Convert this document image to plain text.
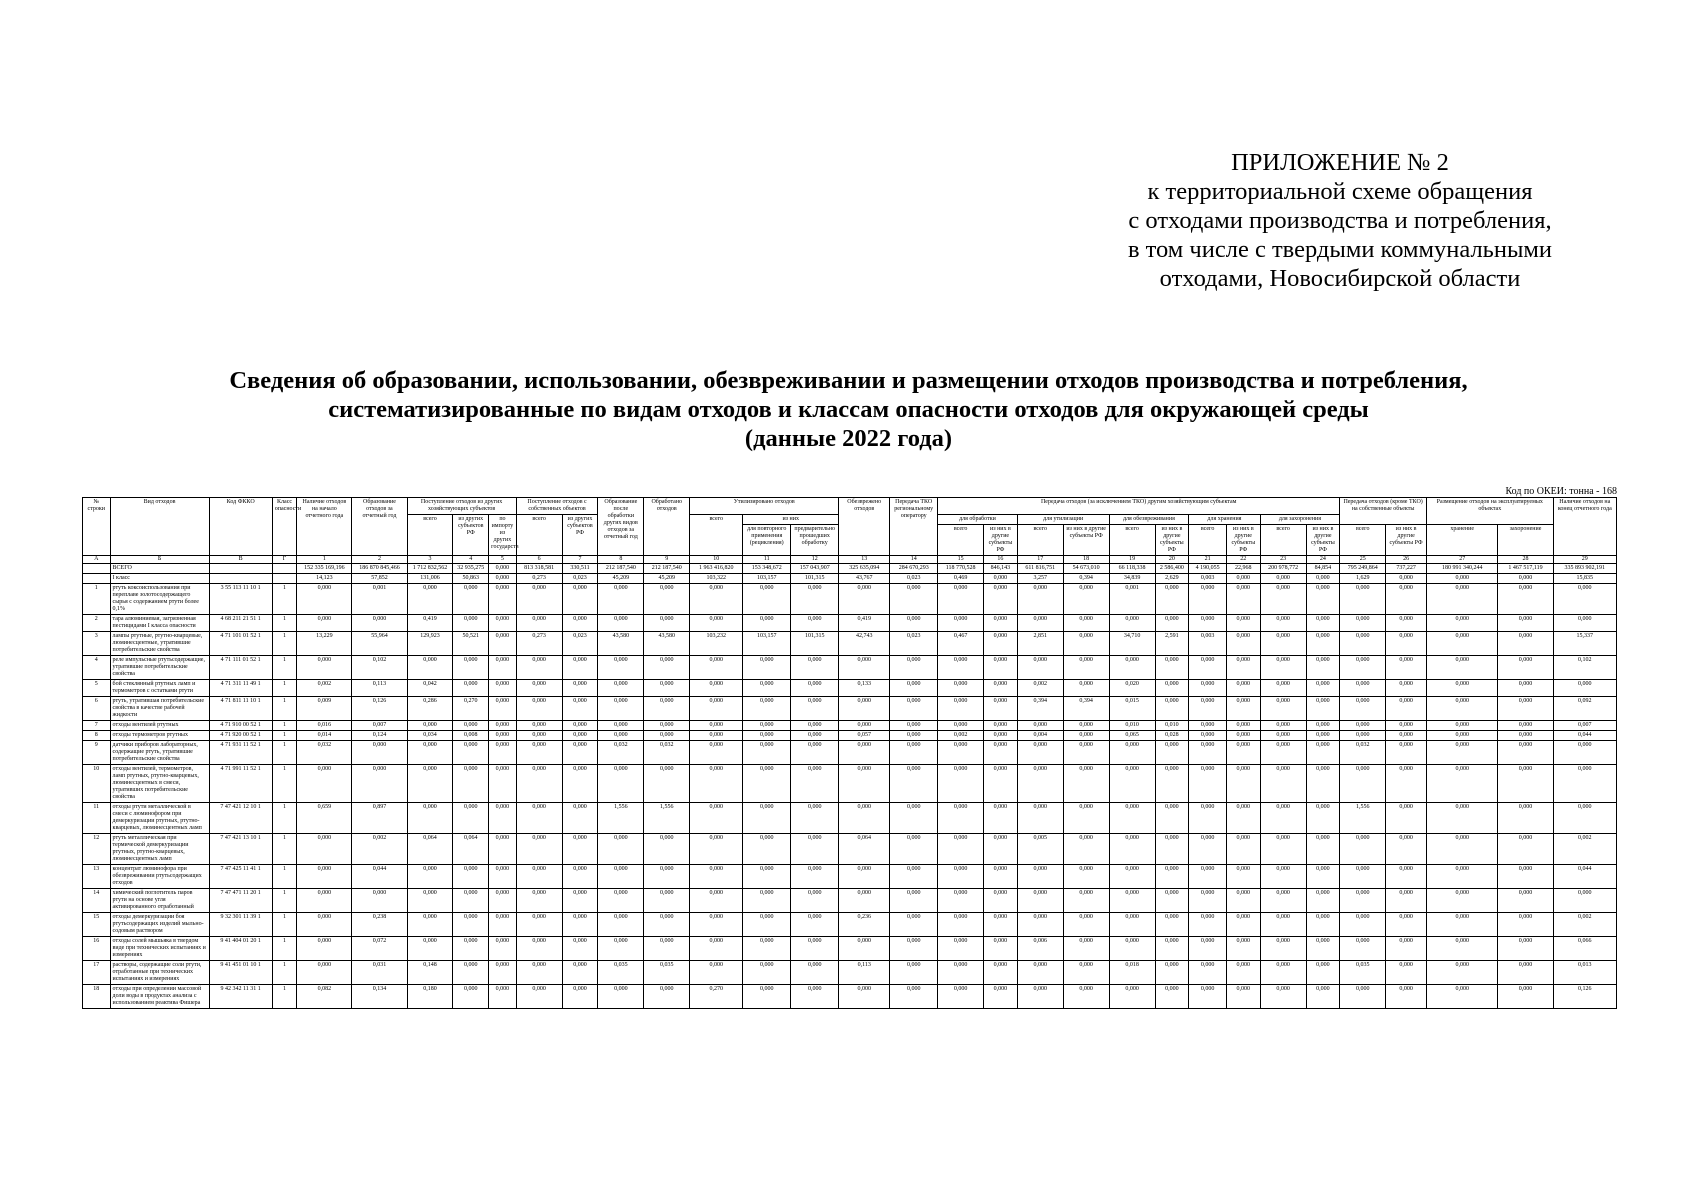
ПРИЛОЖЕНИЕ № 2
к территориальной схеме обращения
с отходами производства и потребления,
в том числе с твердыми коммунальными
отходами, Новосибирской области
Сведения об образовании, использовании, обезвреживании и размещении отходов производства и потребления,
систематизированные по видам отходов и классам опасности отходов для окружающей среды
(данные 2022 года)
Код по ОКЕИ: тонна - 168
№ строки	Вид отходов	Код ФККО	Класс опасности	Наличие отходов на начало отчетного года	Образование отходов за отчетный год	Поступление отходов из других хозяйствующих субъектов			Поступление отходов с собственных объектов		Образование после обработки других видов отходов за отчетный год	Обработано отходов	Утилизировано отходов			Обезврежено отходов	Передача ТКО региональному оператору	Передача отходов (за исключением ТКО) другим хозяйствующим субъектам										Передача отходов (кроме ТКО) на собственные объекты		Размещение отходов на эксплуатируемых объектах		Наличие отходов на конец отчетного года
						всего	из других субъектов РФ	по импорту из других государств	всего	из других субъектов РФ			всего	из них				для обработки		для утилизации		для обезвреживания		для хранения		для захоронения						
														для повторного применения (рецикления)	предварительно прошедших обработку			всего	из них в другие субъекты РФ	всего	из них в другие субъекты РФ	всего	из них в другие субъекты РФ	всего	из них в другие субъекты РФ	всего	из них в другие субъекты РФ	всего	из них в другие субъекты РФ	хранение	захоронение	
А	Б	В	Г	1	2	3	4	5	6	7	8	9	10	11	12	13	14	15	16	17	18	19	20	21	22	23	24	25	26	27	28	29
	ВСЕГО			152 335 169,196	186 870 845,466	1 712 832,562	32 935,275	0,000	813 318,581	330,511	212 187,540	212 187,540	1 963 416,820	153 348,672	157 043,907	325 635,094	284 670,293	118 770,528	846,143	611 816,751	54 673,010	66 118,338	2 586,400	4 190,055	22,968	200 978,772	84,854	795 249,864	737,227	180 991 340,244	1 467 517,119	335 893 902,191
	I класс			14,123	57,852	131,006	50,863	0,000	0,273	0,023	45,209	45,209	103,322	103,157	101,315	43,767	0,023	0,469	0,000	3,257	0,394	34,839	2,629	0,003	0,000	0,000	0,000	1,629	0,000	0,000	0,000	15,835
1	ртуть коксоиспользования при переплаве золотосодержащего сырья с содержанием ртути более 0,1%	3 55 113 11 10 1	1	0,000	0,001	0,000	0,000	0,000	0,000	0,000	0,000	0,000	0,000	0,000	0,000	0,000	0,000	0,000	0,000	0,000	0,000	0,001	0,000	0,000	0,000	0,000	0,000	0,000	0,000	0,000	0,000	0,000
2	тара алюминиевая, загрязненная пестицидами I класса опасности	4 68 211 21 51 1	1	0,000	0,000	0,419	0,000	0,000	0,000	0,000	0,000	0,000	0,000	0,000	0,000	0,419	0,000	0,000	0,000	0,000	0,000	0,000	0,000	0,000	0,000	0,000	0,000	0,000	0,000	0,000	0,000	0,000
3	лампы ртутные, ртутно-кварцевые, люминесцентные, утратившие потребительские свойства	4 71 101 01 52 1	1	13,229	55,964	129,923	50,521	0,000	0,273	0,023	43,580	43,580	103,232	103,157	101,315	42,743	0,023	0,467	0,000	2,851	0,000	34,710	2,591	0,003	0,000	0,000	0,000	0,000	0,000	0,000	0,000	15,337
4	реле импульсные ртутьсодержащие, утратившие потребительские свойства	4 71 111 01 52 1	1	0,000	0,102	0,000	0,000	0,000	0,000	0,000	0,000	0,000	0,000	0,000	0,000	0,000	0,000	0,000	0,000	0,000	0,000	0,000	0,000	0,000	0,000	0,000	0,000	0,000	0,000	0,000	0,000	0,102
5	бой стеклянный ртутных ламп и термометров с остатками ртути	4 71 311 11 49 1	1	0,002	0,113	0,042	0,000	0,000	0,000	0,000	0,000	0,000	0,000	0,000	0,000	0,133	0,000	0,000	0,000	0,002	0,000	0,020	0,000	0,000	0,000	0,000	0,000	0,000	0,000	0,000	0,000	0,000
6	ртуть, утратившая потребительские свойства в качестве рабочей жидкости	4 71 811 11 10 1	1	0,009	0,126	0,286	0,270	0,000	0,000	0,000	0,000	0,000	0,000	0,000	0,000	0,000	0,000	0,000	0,000	0,394	0,394	0,015	0,000	0,000	0,000	0,000	0,000	0,000	0,000	0,000	0,000	0,092
7	отходы вентилей ртутных	4 71 910 00 52 1	1	0,016	0,007	0,000	0,000	0,000	0,000	0,000	0,000	0,000	0,000	0,000	0,000	0,000	0,000	0,000	0,000	0,000	0,000	0,010	0,010	0,000	0,000	0,000	0,000	0,000	0,000	0,000	0,000	0,007
8	отходы термометров ртутных	4 71 920 00 52 1	1	0,014	0,124	0,034	0,008	0,000	0,000	0,000	0,000	0,000	0,000	0,000	0,000	0,057	0,000	0,002	0,000	0,004	0,000	0,065	0,028	0,000	0,000	0,000	0,000	0,000	0,000	0,000	0,000	0,044
9	датчики приборов лабораторных, содержащие ртуть, утратившие потребительские свойства	4 71 931 11 52 1	1	0,032	0,000	0,000	0,000	0,000	0,000	0,000	0,032	0,032	0,000	0,000	0,000	0,000	0,000	0,000	0,000	0,000	0,000	0,000	0,000	0,000	0,000	0,000	0,000	0,032	0,000	0,000	0,000	0,000
10	отходы вентилей, термометров, ламп ртутных, ртутно-кварцевых, люминесцентных в смеси, утративших потребительские свойства	4 71 991 11 52 1	1	0,000	0,000	0,000	0,000	0,000	0,000	0,000	0,000	0,000	0,000	0,000	0,000	0,000	0,000	0,000	0,000	0,000	0,000	0,000	0,000	0,000	0,000	0,000	0,000	0,000	0,000	0,000	0,000	0,000
11	отходы ртути металлической в смеси с люминофором при демеркуризации ртутных, ртутно-кварцевых, люминесцентных ламп	7 47 421 12 10 1	1	0,659	0,897	0,000	0,000	0,000	0,000	0,000	1,556	1,556	0,000	0,000	0,000	0,000	0,000	0,000	0,000	0,000	0,000	0,000	0,000	0,000	0,000	0,000	0,000	1,556	0,000	0,000	0,000	0,000
12	ртуть металлическая при термической демеркуризации ртутных, ртутно-кварцевых, люминесцентных ламп	7 47 421 13 10 1	1	0,000	0,002	0,064	0,064	0,000	0,000	0,000	0,000	0,000	0,000	0,000	0,000	0,064	0,000	0,000	0,000	0,005	0,000	0,000	0,000	0,000	0,000	0,000	0,000	0,000	0,000	0,000	0,000	0,002
13	концентрат люминофора при обезвреживании ртутьсодержащих отходов	7 47 425 11 41 1	1	0,000	0,044	0,000	0,000	0,000	0,000	0,000	0,000	0,000	0,000	0,000	0,000	0,000	0,000	0,000	0,000	0,000	0,000	0,000	0,000	0,000	0,000	0,000	0,000	0,000	0,000	0,000	0,000	0,044
14	химический поглотитель паров ртути на основе угля активированного отработанный	7 47 471 11 20 1	1	0,000	0,000	0,000	0,000	0,000	0,000	0,000	0,000	0,000	0,000	0,000	0,000	0,000	0,000	0,000	0,000	0,000	0,000	0,000	0,000	0,000	0,000	0,000	0,000	0,000	0,000	0,000	0,000	0,000
15	отходы демеркуризации боя ртутьсодержащих изделий мыльно-содовым раствором	9 32 301 11 39 1	1	0,000	0,238	0,000	0,000	0,000	0,000	0,000	0,000	0,000	0,000	0,000	0,000	0,236	0,000	0,000	0,000	0,000	0,000	0,000	0,000	0,000	0,000	0,000	0,000	0,000	0,000	0,000	0,000	0,002
16	отходы солей мышьяка в твердом виде при технических испытаниях и измерениях	9 41 404 01 20 1	1	0,000	0,072	0,000	0,000	0,000	0,000	0,000	0,000	0,000	0,000	0,000	0,000	0,000	0,000	0,000	0,000	0,006	0,000	0,000	0,000	0,000	0,000	0,000	0,000	0,000	0,000	0,000	0,000	0,066
17	растворы, содержащие соли ртути, отработанные при технических испытаниях и измерениях	9 41 451 01 10 1	1	0,000	0,031	0,148	0,000	0,000	0,000	0,000	0,035	0,035	0,000	0,000	0,000	0,113	0,000	0,000	0,000	0,000	0,000	0,018	0,000	0,000	0,000	0,000	0,000	0,035	0,000	0,000	0,000	0,013
18	отходы при определении массовой доли воды в продуктах анализа с использованием реактива Фишера	9 42 342 11 31 1	1	0,082	0,134	0,180	0,000	0,000	0,000	0,000	0,000	0,000	0,270	0,000	0,000	0,000	0,000	0,000	0,000	0,000	0,000	0,000	0,000	0,000	0,000	0,000	0,000	0,000	0,000	0,000	0,000	0,126
